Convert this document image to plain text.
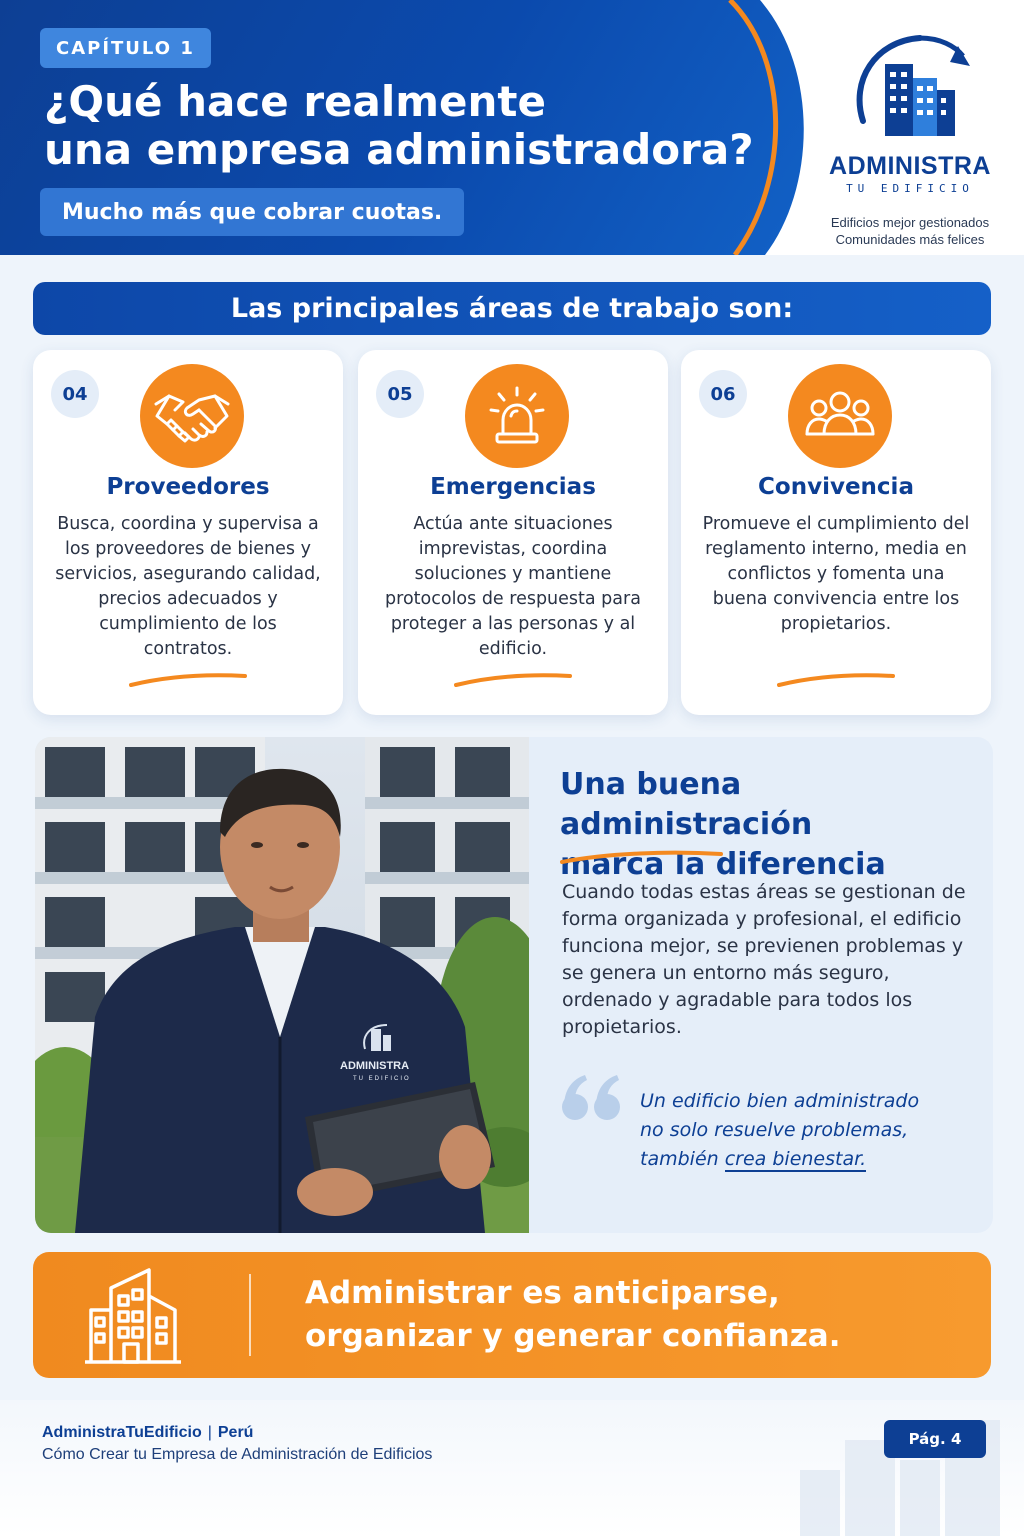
CAPÍTULO 1
¿Qué hace realmente
una empresa administradora?
Mucho más que cobrar cuotas.
ADMINISTRA
TU EDIFICIO
Edificios mejor gestionados
Comunidades más felices
Las principales áreas de trabajo son:
04
Proveedores
Busca, coordina y supervisa a los proveedores de bienes y servicios, asegurando calidad, precios adecuados y cumplimiento de los contratos.
05
Emergencias
Actúa ante situaciones imprevistas, coordina soluciones y mantiene protocolos de respuesta para proteger a las personas y al edificio.
06
Convivencia
Promueve el cumplimiento del reglamento interno, media en conflictos y fomenta una buena convivencia entre los propietarios.
ADMINISTRA
TU EDIFICIO
Una buena administración
marca la diferencia
Cuando todas estas áreas se gestionan de forma organizada y profesional, el edificio funciona mejor, se previenen problemas y se genera un entorno más seguro, ordenado y agradable para todos los propietarios.
Un edificio bien administrado
no solo resuelve problemas,
también crea bienestar.
Administrar es anticiparse,
organizar y generar confianza.
AdministraTuEdificio | Perú
Cómo Crear tu Empresa de Administración de Edificios
Pág. 4
